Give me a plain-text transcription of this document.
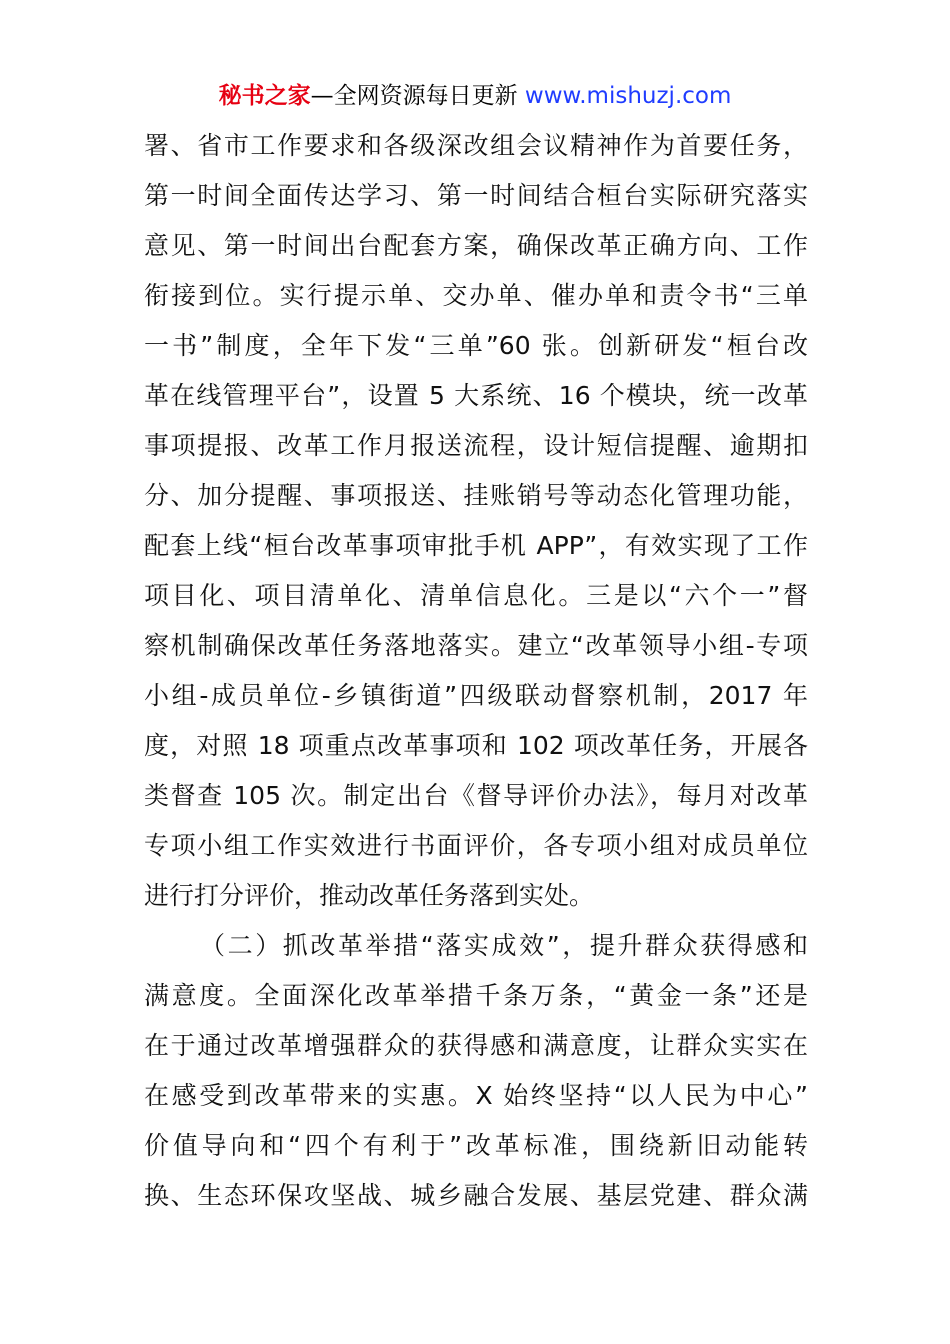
秘书之家—全网资源每日更新 www.mishuzj.com
署、省市工作要求和各级深改组会议精神作为首要任务，
第一时间全面传达学习、第一时间结合桓台实际研究落实
意见、第一时间出台配套方案，确保改革正确方向、工作
衔接到位。实行提示单、交办单、催办单和责令书“三单
一书”制度，全年下发“三单”60 张。创新研发“桓台改
革在线管理平台”，设置 5 大系统、16 个模块，统一改革
事项提报、改革工作月报送流程，设计短信提醒、逾期扣
分、加分提醒、事项报送、挂账销号等动态化管理功能，
配套上线“桓台改革事项审批手机 APP”，有效实现了工作
项目化、项目清单化、清单信息化。三是以“六个一”督
察机制确保改革任务落地落实。建立“改革领导小组-专项
小组-成员单位-乡镇街道”四级联动督察机制，2017 年
度，对照 18 项重点改革事项和 102 项改革任务，开展各
类督查 105 次。制定出台《督导评价办法》，每月对改革
专项小组工作实效进行书面评价，各专项小组对成员单位
进行打分评价，推动改革任务落到实处。
（二）抓改革举措“落实成效”，提升群众获得感和
满意度。全面深化改革举措千条万条，“黄金一条”还是
在于通过改革增强群众的获得感和满意度，让群众实实在
在感受到改革带来的实惠。X 始终坚持“以人民为中心”
价值导向和“四个有利于”改革标准，围绕新旧动能转
换、生态环保攻坚战、城乡融合发展、基层党建、群众满
